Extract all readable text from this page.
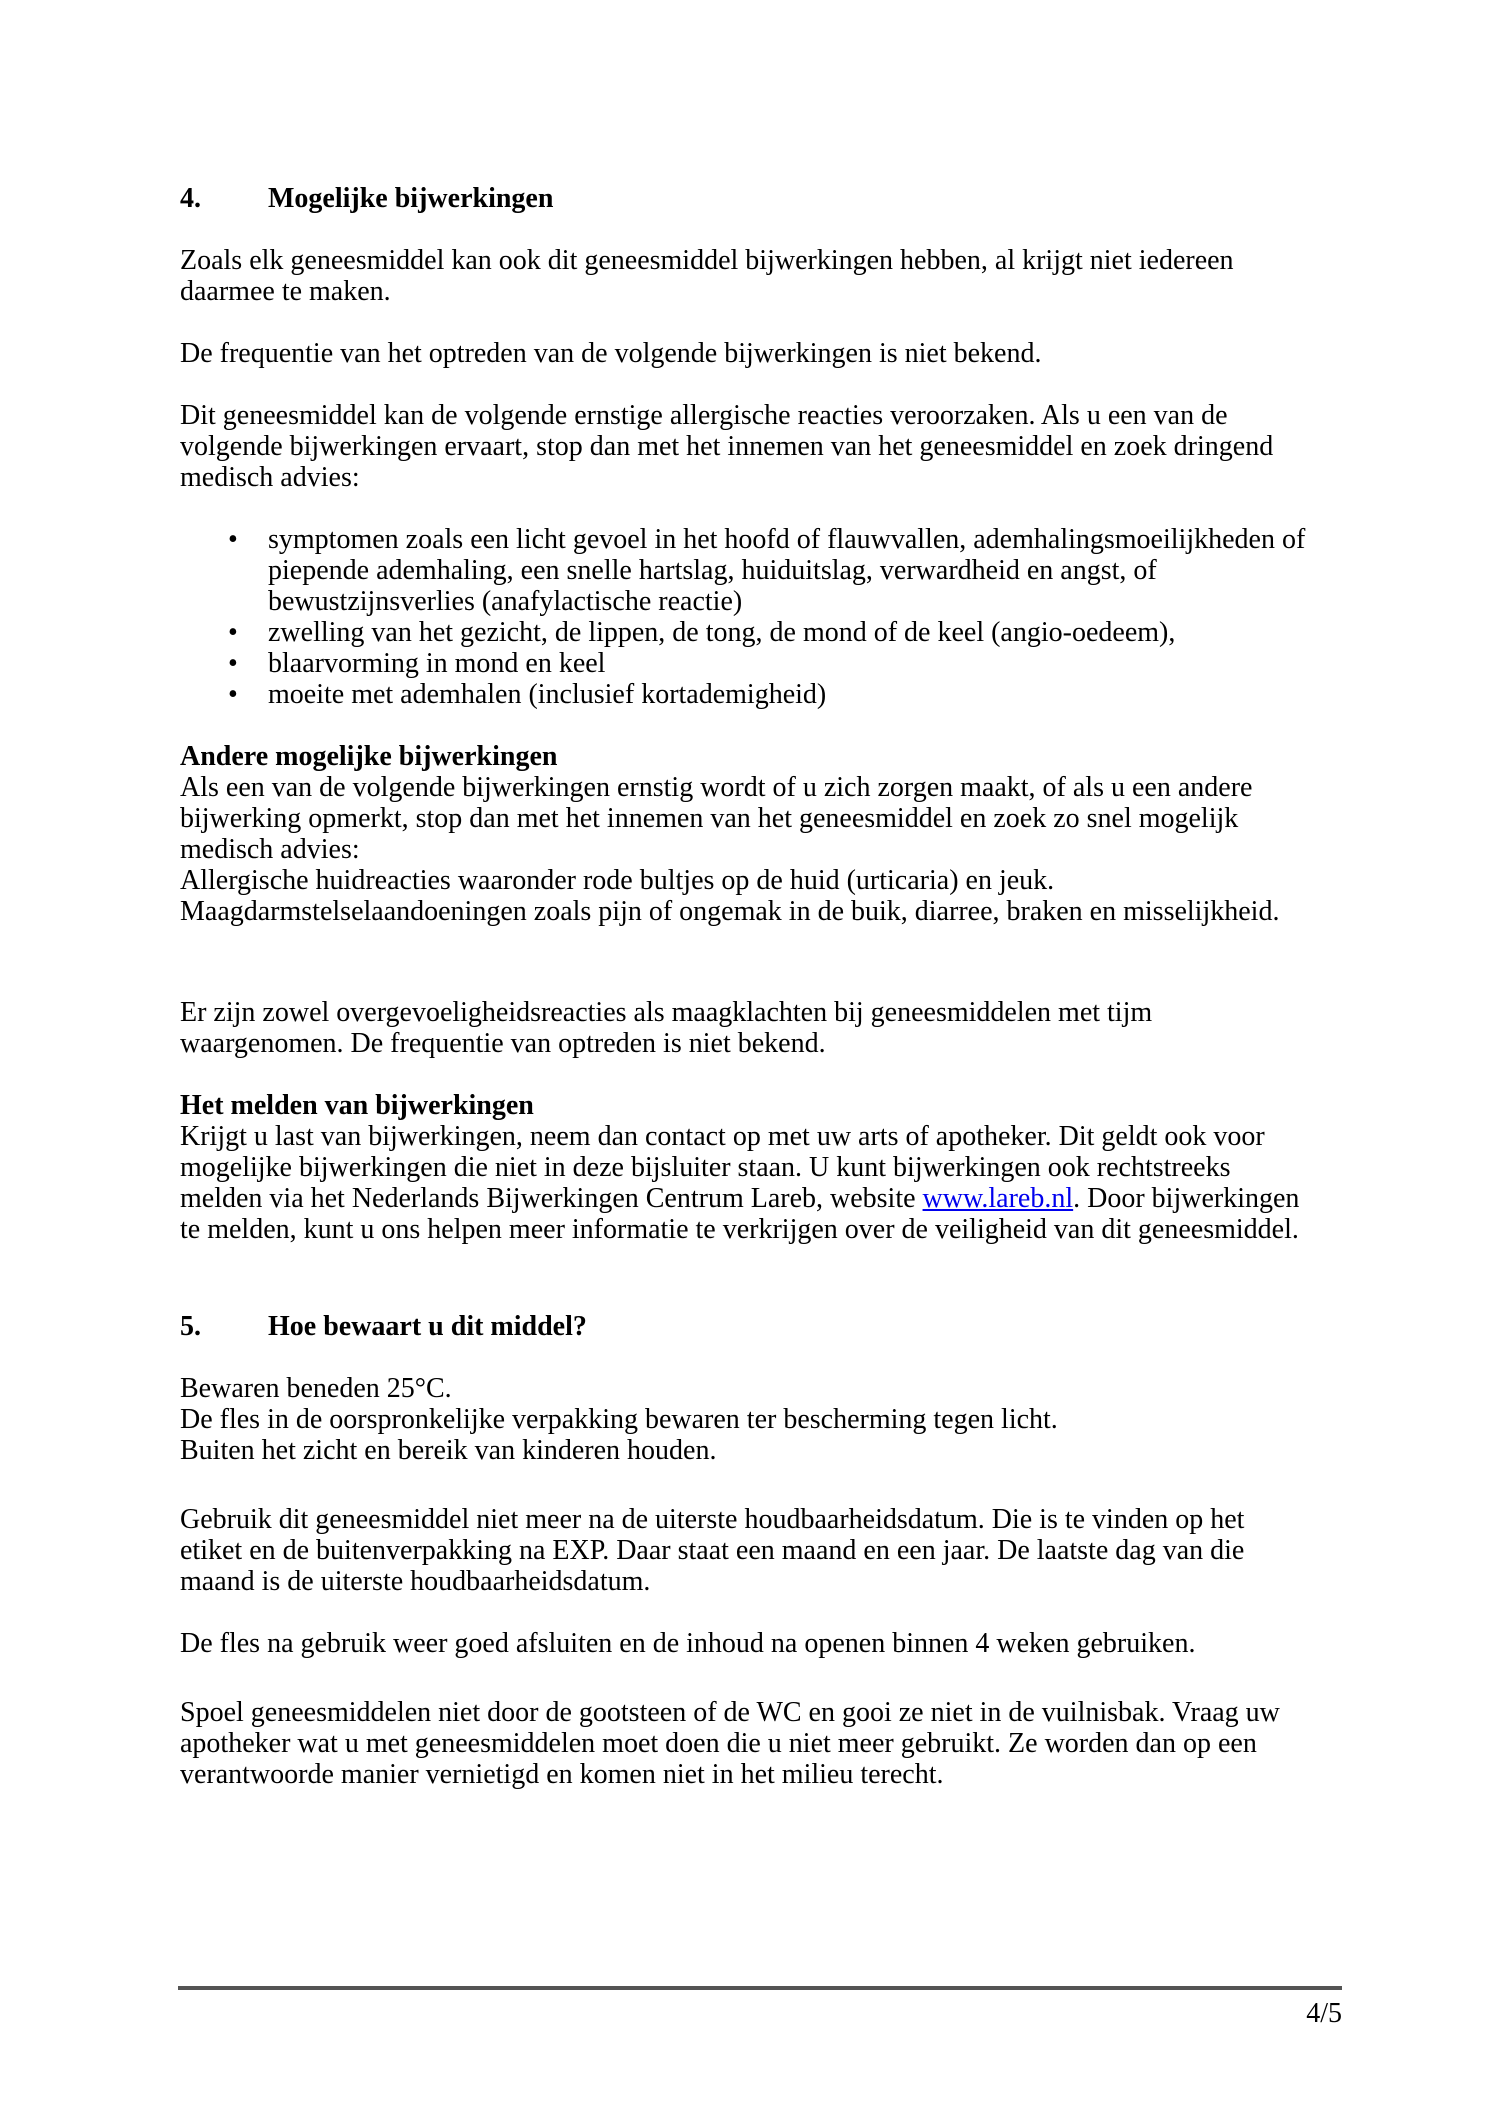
4. Mogelijke bijwerkingen

Zoals elk geneesmiddel kan ook dit geneesmiddel bijwerkingen hebben, al krijgt niet iedereen daarmee te maken.

De frequentie van het optreden van de volgende bijwerkingen is niet bekend.

Dit geneesmiddel kan de volgende ernstige allergische reacties veroorzaken. Als u een van de volgende bijwerkingen ervaart, stop dan met het innemen van het geneesmiddel en zoek dringend medisch advies:

• symptomen zoals een licht gevoel in het hoofd of flauwvallen, ademhalingsmoeilijkheden of piepende ademhaling, een snelle hartslag, huiduitslag, verwardheid en angst, of bewustzijnsverlies (anafylactische reactie)
• zwelling van het gezicht, de lippen, de tong, de mond of de keel (angio-oedeem),
• blaarvorming in mond en keel
• moeite met ademhalen (inclusief kortademigheid)
Andere mogelijke bijwerkingen

Als een van de volgende bijwerkingen ernstig wordt of u zich zorgen maakt, of als u een andere bijwerking opmerkt, stop dan met het innemen van het geneesmiddel en zoek zo snel mogelijk medisch advies:

Allergische huidreacties waaronder rode bultjes op de huid (urticaria) en jeuk.

Maagdarmstelselaandoeningen zoals pijn of ongemak in de buik, diarree, braken en misselijkheid.

Er zijn zowel overgevoeligheidsreacties als maagklachten bij geneesmiddelen met tijm waargenomen. De frequentie van optreden is niet bekend.

Het melden van bijwerkingen

Krijgt u last van bijwerkingen, neem dan contact op met uw arts of apotheker. Dit geldt ook voor mogelijke bijwerkingen die niet in deze bijsluiter staan. U kunt bijwerkingen ook rechtstreeks melden via het Nederlands Bijwerkingen Centrum Lareb, website www.lareb.nl. Door bijwerkingen te melden, kunt u ons helpen meer informatie te verkrijgen over de veiligheid van dit geneesmiddel.

5. Hoe bewaart u dit middel?

Bewaren beneden 25°C.

De fles in de oorspronkelijke verpakking bewaren ter bescherming tegen licht.

Buiten het zicht en bereik van kinderen houden.

Gebruik dit geneesmiddel niet meer na de uiterste houdbaarheidsdatum. Die is te vinden op het etiket en de buitenverpakking na EXP. Daar staat een maand en een jaar. De laatste dag van die maand is de uiterste houdbaarheidsdatum.

De fles na gebruik weer goed afsluiten en de inhoud na openen binnen 4 weken gebruiken.

Spoel geneesmiddelen niet door de gootsteen of de WC en gooi ze niet in de vuilnisbak. Vraag uw apotheker wat u met geneesmiddelen moet doen die u niet meer gebruikt. Ze worden dan op een verantwoorde manier vernietigd en komen niet in het milieu terecht.

4/5
